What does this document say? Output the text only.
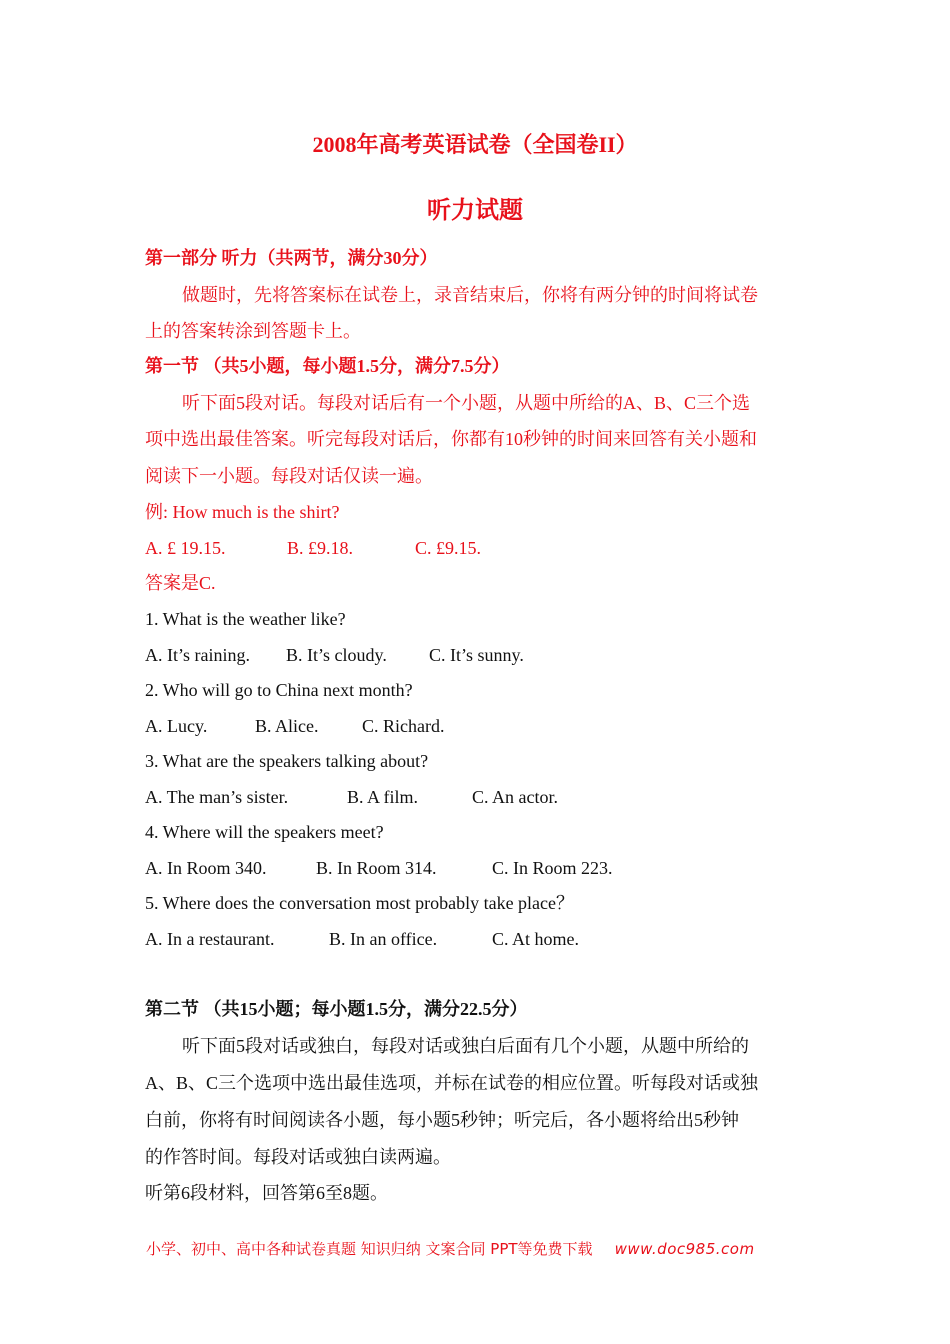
2008年高考英语试卷（全国卷II）
听力试题
第一部分 听力（共两节，满分30分）
做题时，先将答案标在试卷上，录音结束后，你将有两分钟的时间将试卷
上的答案转涂到答题卡上。
第一节 （共5小题，每小题1.5分，满分7.5分）
听下面5段对话。每段对话后有一个小题，从题中所给的A、B、C三个选
项中选出最佳答案。听完每段对话后，你都有10秒钟的时间来回答有关小题和
阅读下一小题。每段对话仅读一遍。
例: How much is the shirt?
A. £ 19.15.	B. £9.18.	C. £9.15.
答案是C.
1. What is the weather like?
A. It’s raining. B. It’s cloudy. C. It’s sunny.
2. Who will go to China next month?
A. Lucy.	B. Alice. C. Richard.
3. What are the speakers talking about?
A. The man’s sister.	B. A film.	C. An actor.
4. Where will the speakers meet?
A. In Room 340.	B. In Room 314.	C. In Room 223.
5. Where does the conversation most probably take place？
A. In a restaurant.	B. In an office.	C. At home.
第二节 （共15小题；每小题1.5分，满分22.5分）
听下面5段对话或独白，每段对话或独白后面有几个小题，从题中所给的
A、B、C三个选项中选出最佳选项，并标在试卷的相应位置。听每段对话或独
白前，你将有时间阅读各小题，每小题5秒钟；听完后，各小题将给出5秒钟
的作答时间。每段对话或独白读两遍。
听第6段材料，回答第6至8题。
小学、初中、高中各种试卷真题 知识归纳 文案合同 PPT等免费下载 www.doc985.com
